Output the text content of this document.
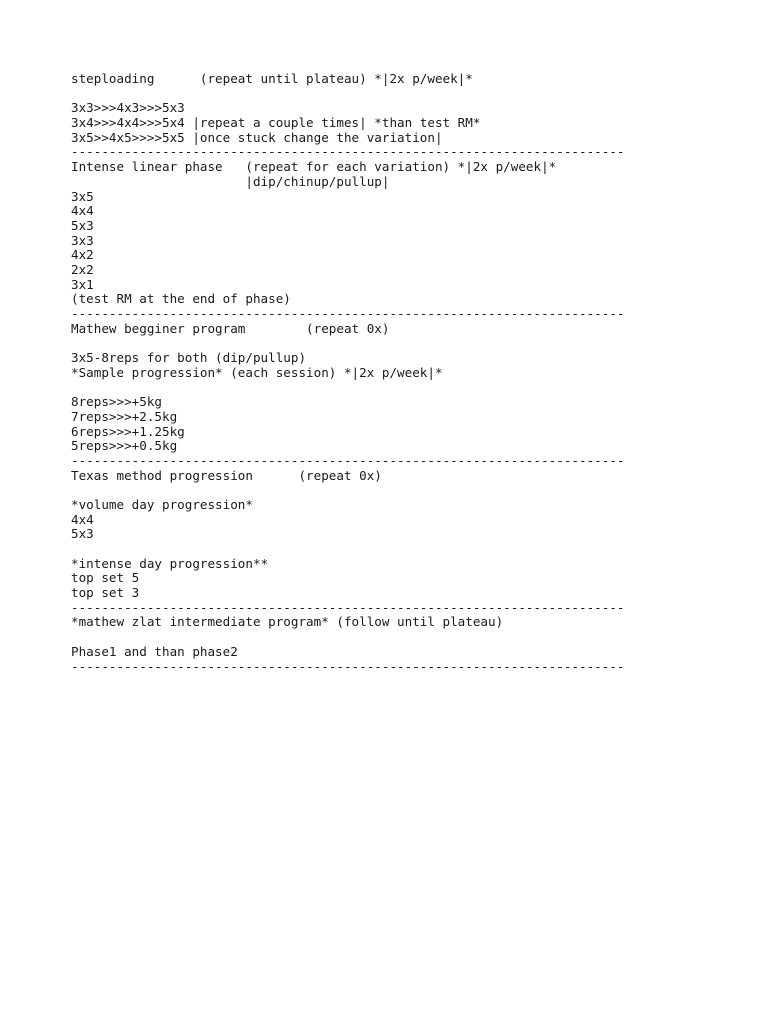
steploading      (repeat until plateau) *|2x p/week|*
3x3>>>4x3>>>5x3
3x4>>>4x4>>>5x4 |repeat a couple times| *than test RM*
3x5>>4x5>>>>5x5 |once stuck change the variation|
-------------------------------------------------------------------------
Intense linear phase   (repeat for each variation) *|2x p/week|*
|dip/chinup/pullup|
3x5
4x4
5x3
3x3
4x2
2x2
3x1
(test RM at the end of phase)
-------------------------------------------------------------------------
Mathew begginer program        (repeat 0x)
3x5-8reps for both (dip/pullup)
*Sample progression* (each session) *|2x p/week|*
8reps>>>+5kg
7reps>>>+2.5kg
6reps>>>+1.25kg
5reps>>>+0.5kg
-------------------------------------------------------------------------
Texas method progression      (repeat 0x)
*volume day progression*
4x4
5x3
*intense day progression**
top set 5
top set 3
-------------------------------------------------------------------------
*mathew zlat intermediate program* (follow until plateau)
Phase1 and than phase2
-------------------------------------------------------------------------
